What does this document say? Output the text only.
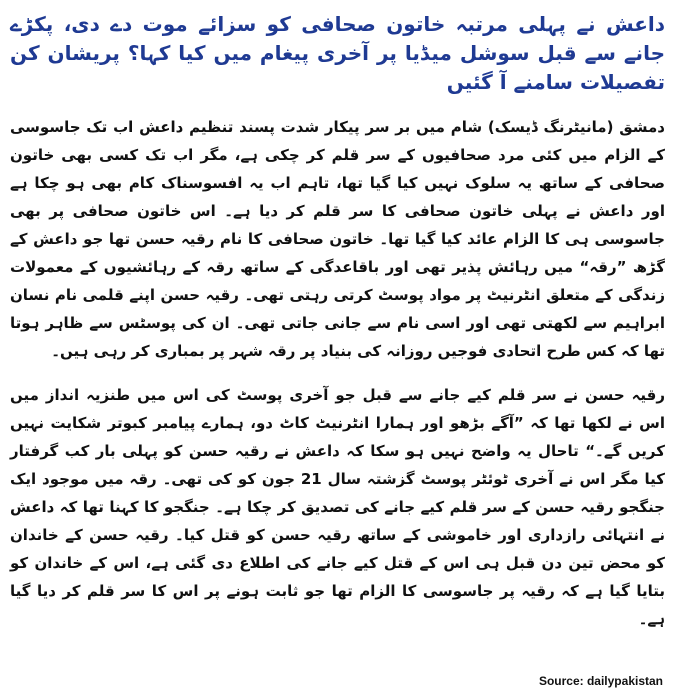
داعش نے پہلی مرتبہ خاتون صحافی کو سزائے موت دے دی، پکڑے جانے سے قبل سوشل میڈیا پر آخری پیغام میں کیا کہا؟ پریشان کن تفصیلات سامنے آ گئیں

دمشق (مانیٹرنگ ڈیسک) شام میں بر سر پیکار شدت پسند تنظیم داعش اب تک جاسوسی کے الزام میں کئی مرد صحافیوں کے سر قلم کر چکی ہے، مگر اب تک کسی بھی خاتون صحافی کے ساتھ یہ سلوک نہیں کیا گیا تھا، تاہم اب یہ افسوسناک کام بھی ہو چکا ہے اور داعش نے پہلی خاتون صحافی کا سر قلم کر دیا ہے۔ اس خاتون صحافی پر بھی جاسوسی ہی کا الزام عائد کیا گیا تھا۔ خاتون صحافی کا نام رقیہ حسن تھا جو داعش کے گڑھ ”رقہ“ میں رہائش پذیر تھی اور باقاعدگی کے ساتھ رقہ کے رہائشیوں کے معمولات زندگی کے متعلق انٹرنیٹ پر مواد پوسٹ کرتی رہتی تھی۔ رقیہ حسن اپنے قلمی نام نسان ابراہیم سے لکھتی تھی اور اسی نام سے جانی جاتی تھی۔ ان کی پوسٹس سے ظاہر ہوتا تھا کہ کس طرح اتحادی فوجیں روزانہ کی بنیاد پر رقہ شہر پر بمباری کر رہی ہیں۔

رقیہ حسن نے سر قلم کیے جانے سے قبل جو آخری پوسٹ کی اس میں طنزیہ انداز میں اس نے لکھا تھا کہ ”آگے بڑھو اور ہمارا انٹرنیٹ کاٹ دو، ہمارے پیامبر کبوتر شکایت نہیں کریں گے۔“ تاحال یہ واضح نہیں ہو سکا کہ داعش نے رقیہ حسن کو پہلی بار کب گرفتار کیا مگر اس نے آخری ٹوئٹر پوسٹ گزشتہ سال 21 جون کو کی تھی۔ رقہ میں موجود ایک جنگجو رقیہ حسن کے سر قلم کیے جانے کی تصدیق کر چکا ہے۔ جنگجو کا کہنا تھا کہ داعش نے انتہائی رازداری اور خاموشی کے ساتھ رقیہ حسن کو قتل کیا۔ رقیہ حسن کے خاندان کو محض تین دن قبل ہی اس کے قتل کیے جانے کی اطلاع دی گئی ہے، اس کے خاندان کو بتایا گیا ہے کہ رقیہ پر جاسوسی کا الزام تھا جو ثابت ہونے پر اس کا سر قلم کر دیا گیا ہے۔

Source: dailypakistan
